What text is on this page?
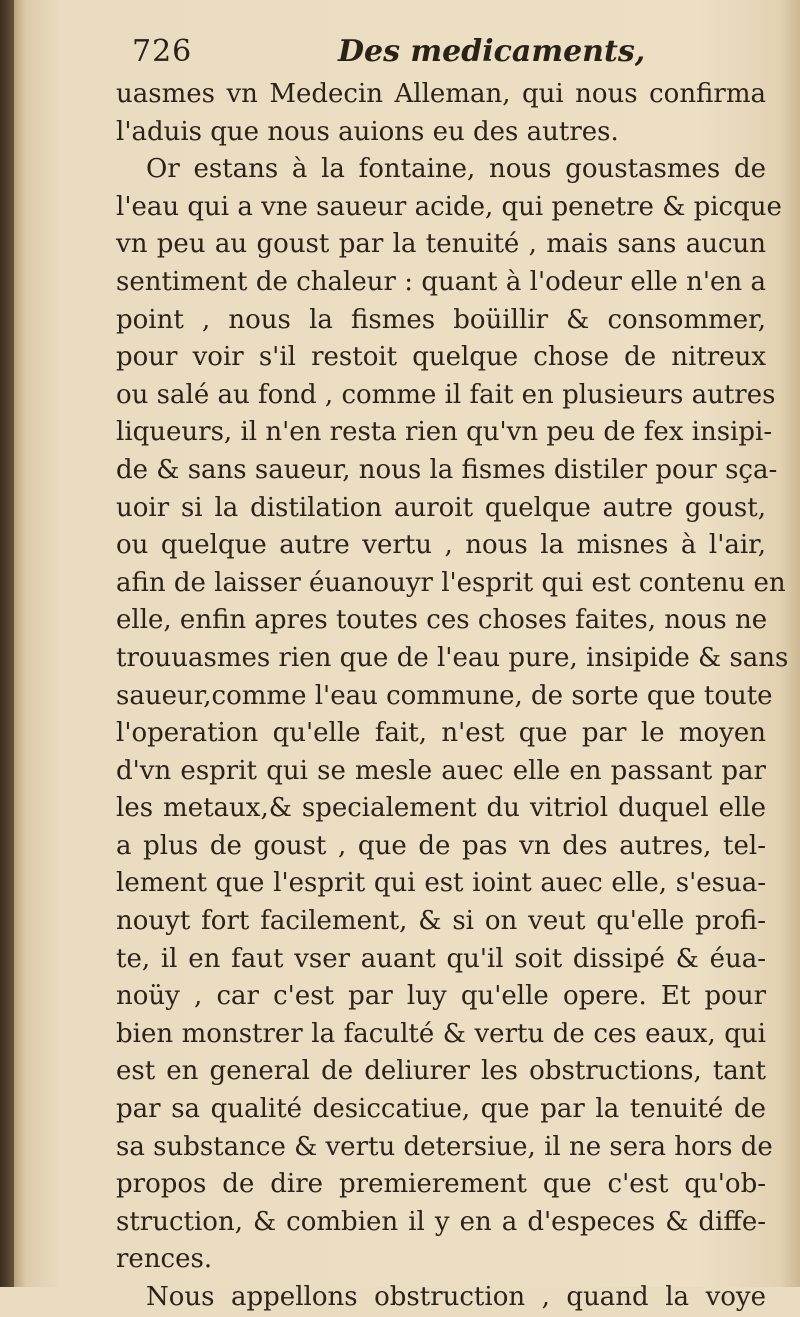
726	Des medicaments,
uasmes vn Medecin Alleman, qui nous confirma
l'aduis que nous auions eu des autres.
Or estans à la fontaine, nous goustasmes de
l'eau qui a vne saueur acide, qui penetre & picque
vn peu au goust par la tenuité , mais sans aucun
sentiment de chaleur : quant à l'odeur elle n'en a
point , nous la fismes boüillir & consommer,
pour voir s'il restoit quelque chose de nitreux
ou salé au fond , comme il fait en plusieurs autres
liqueurs, il n'en resta rien qu'vn peu de fex insipi-
de & sans saueur, nous la fismes distiler pour sça-
uoir si la distilation auroit quelque autre goust,
ou quelque autre vertu , nous la misnes à l'air,
afin de laisser éuanouyr l'esprit qui est contenu en
elle, enfin apres toutes ces choses faites, nous ne
trouuasmes rien que de l'eau pure, insipide & sans
saueur,comme l'eau commune, de sorte que toute
l'operation qu'elle fait, n'est que par le moyen
d'vn esprit qui se mesle auec elle en passant par
les metaux,& specialement du vitriol duquel elle
a plus de goust , que de pas vn des autres, tel-
lement que l'esprit qui est ioint auec elle, s'esua-
nouyt fort facilement, & si on veut qu'elle profi-
te, il en faut vser auant qu'il soit dissipé & éua-
noüy , car c'est par luy qu'elle opere. Et pour
bien monstrer la faculté & vertu de ces eaux, qui
est en general de deliurer les obstructions, tant
par sa qualité desiccatiue, que par la tenuité de
sa substance & vertu detersiue, il ne sera hors de
propos de dire premierement que c'est qu'ob-
struction, & combien il y en a d'especes & diffe-
rences.
Nous appellons obstruction , quand la voye
